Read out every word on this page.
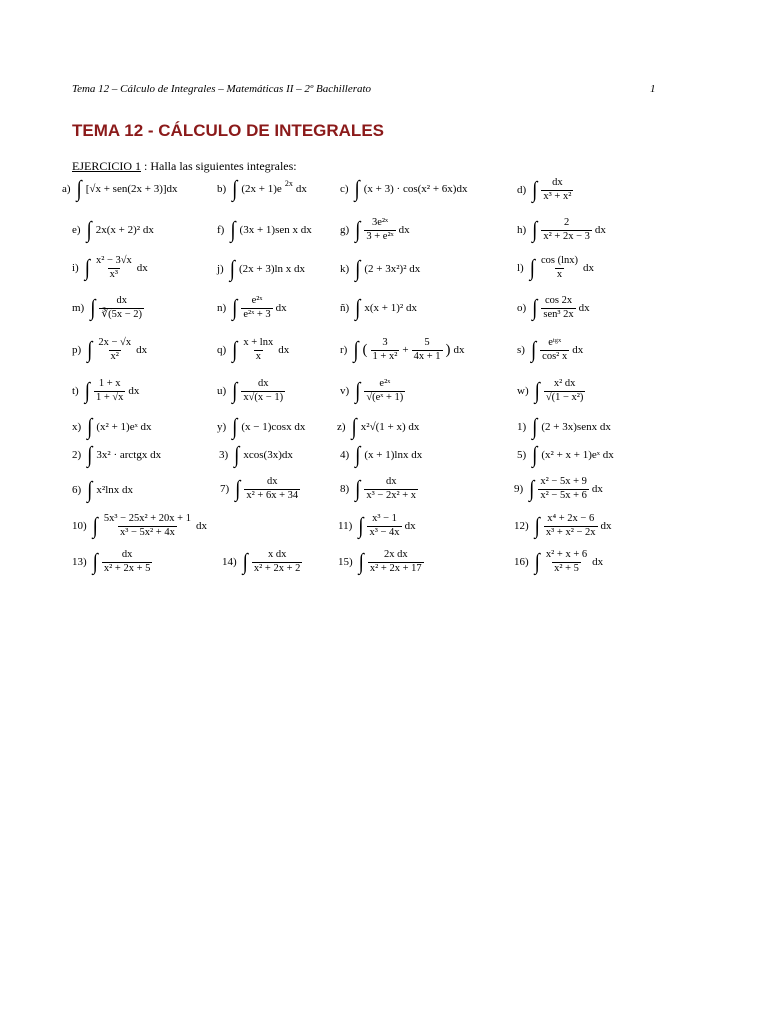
Tema 12 – Cálculo de Integrales – Matemáticas II – 2º Bachillerato	1
TEMA 12 - CÁLCULO DE INTEGRALES
EJERCICIO 1 : Halla las siguientes integrales:
a) ∫ [√x + sen(2x + 3)]dx	b) ∫ (2x + 1)e 2x dx	c) ∫ (x + 3) · cos(x² + 6x)dx	d) ∫ $\frac{dx}{\text{x³ + x²}}$
e) ∫ 2x(x + 2)² dx	f) ∫ (3x + 1)sen x dx	g) ∫ $\frac{\text{3e²ˣ}}{\text{3 + e²ˣ}}$ dx	h) ∫ $\frac{2}{\text{x² + 2x − 3}}$ dx
i) ∫ $\frac{\text{x² − 3√x}}{\text{x³}}$ dx	j) ∫ (2x + 3)ln x dx	k) ∫ (2 + 3x²)² dx	l) ∫ $\frac{\cos (\ln x)}{x}$ dx
m) ∫ $\frac{dx}{∛(5x - 2)}$	n) ∫ $\frac{\text{e²ˣ}}{\text{e²ˣ + 3}}$ dx	ñ) ∫ x(x + 1)² dx	o) ∫ $\frac{\cos 2x}{\text{sen³ 2x}}$ dx
p) ∫ $\frac{2x - √x}{\text{x²}}$ dx	q) ∫ $\frac{x + \ln x}{x}$ dx	r) ∫ ( $\frac{3}{\text{1 + x²}} + \frac{5}{4x + 1}$ ) dx	s) ∫ $\frac{\text{eᵗᵍˣ}}{\text{cos² x}}$ dx
t) ∫ $\frac{1 + x}{1 + √x}$ dx	u) ∫ $\frac{dx}{x√(x - 1)}$	v) ∫ $\frac{\text{e²ˣ}}{\text{√(eˣ + 1)}}$	w) ∫ $\frac{\text{x² dx}}{\text{√(1 − x²)}}$
x) ∫ (x² + 1)eˣ dx	y) ∫ (x − 1)cosx dx	z) ∫ x²√(1 + x) dx	1) ∫ (2 + 3x)senx dx
2) ∫ 3x² · arctgx dx	3) ∫ xcos(3x)dx	4) ∫ (x + 1)lnx dx	5) ∫ (x² + x + 1)eˣ dx
6) ∫ x²lnx dx	7) ∫ $\frac{dx}{\text{x² + 6x + 34}}$	8) ∫ $\frac{dx}{\text{x³ − 2x² + x}}$	9) ∫ $\frac{\text{x² − 5x + 9}}{\text{x² − 5x + 6}}$ dx
10) ∫ $\frac{\text{5x³ − 25x² + 20x + 1}}{\text{x³ − 5x² + 4x}}$ dx	11) ∫ $\frac{\text{x³ − 1}}{\text{x³ − 4x}}$ dx	12) ∫ $\frac{\text{x⁴ + 2x − 6}}{\text{x³ + x² − 2x}}$ dx
13) ∫ $\frac{dx}{\text{x² + 2x + 5}}$	14) ∫ $\frac{\text{x dx}}{\text{x² + 2x + 2}}$	15) ∫ $\frac{\text{2x dx}}{\text{x² + 2x + 17}}$	16) ∫ $\frac{\text{x² + x + 6}}{\text{x² + 5}}$ dx
